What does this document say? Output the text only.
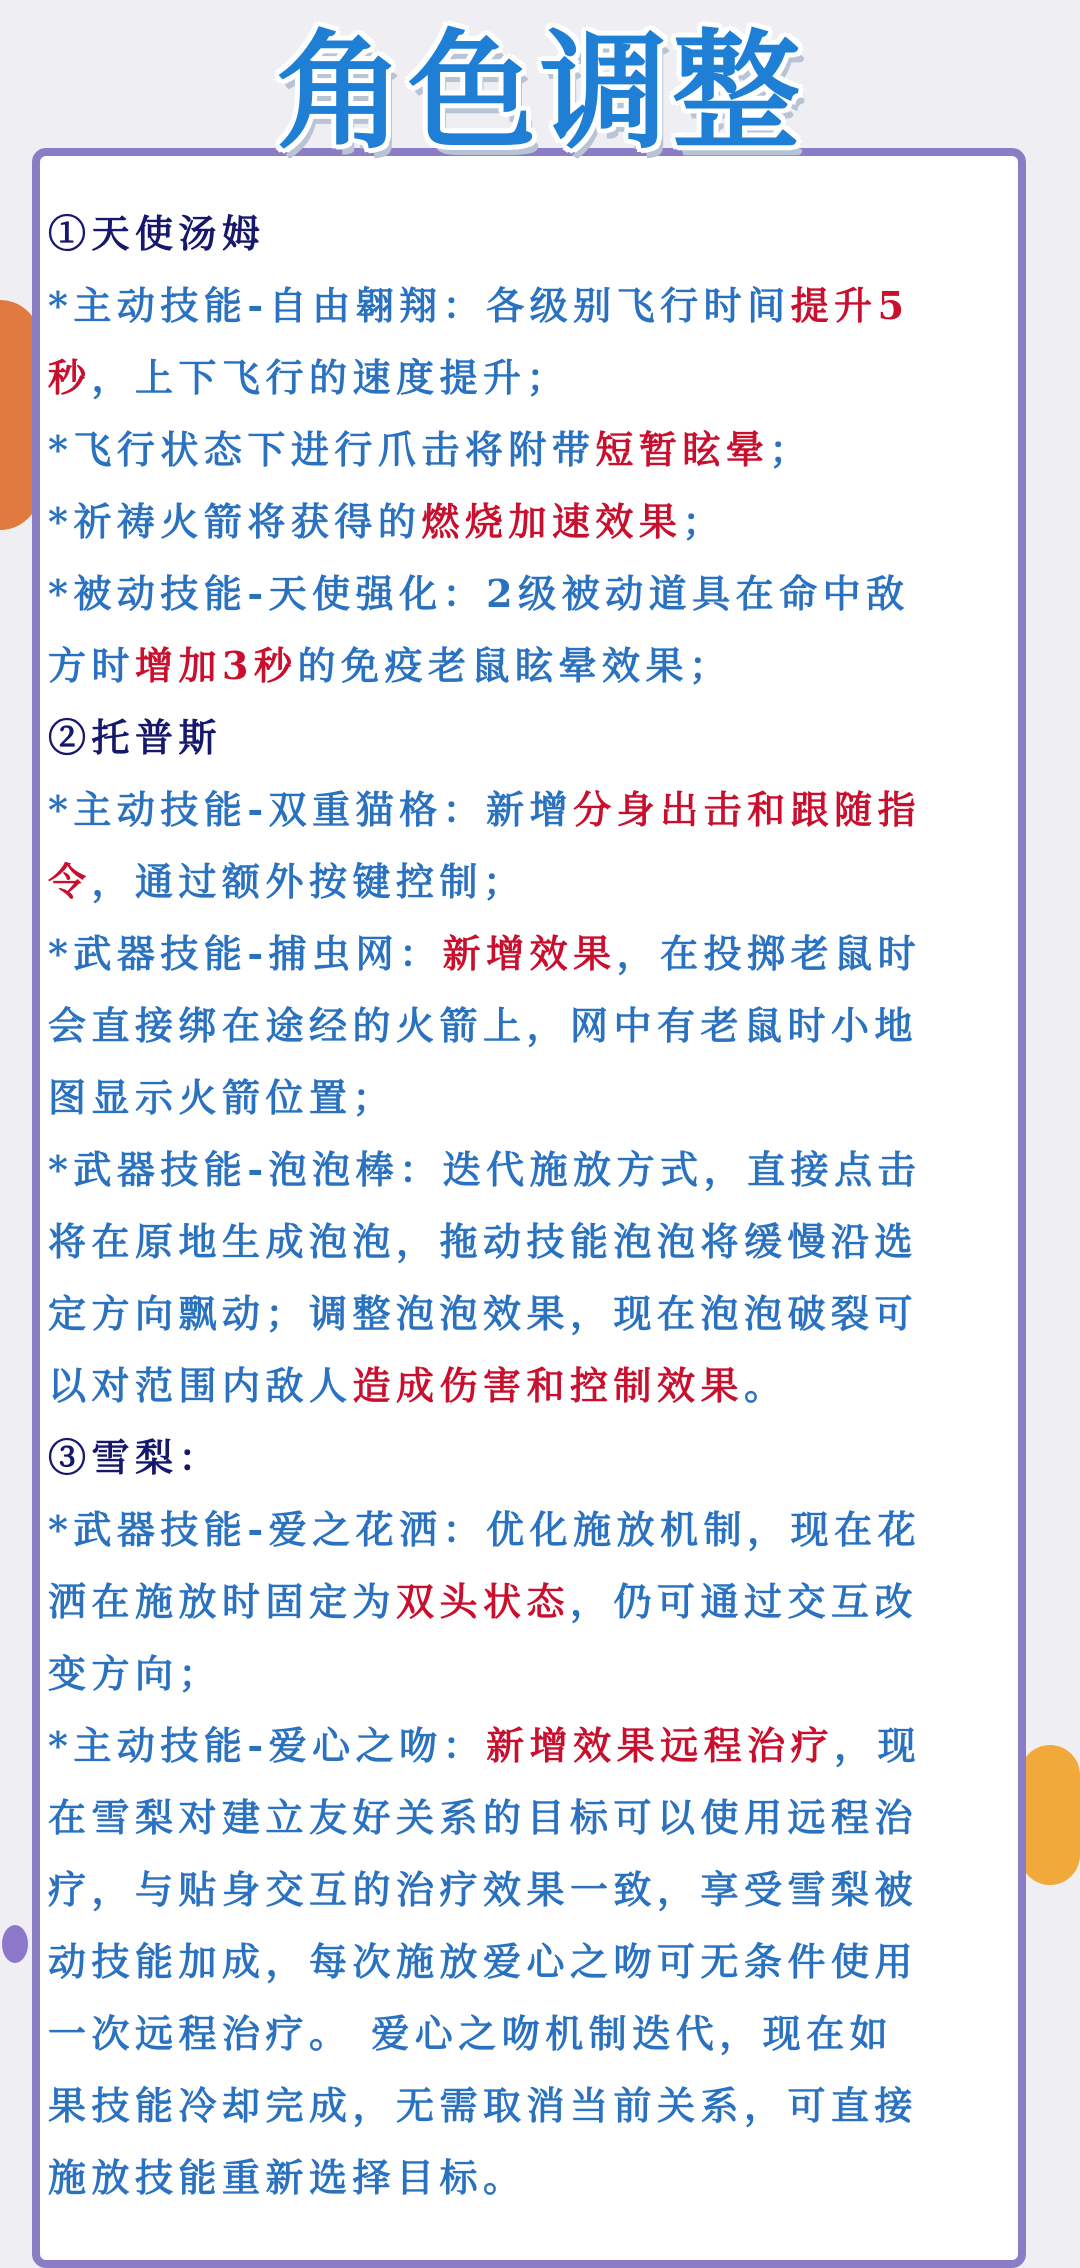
角色调整
①天使汤姆
*主动技能-自由翱翔：各级别飞行时间提升5
秒，上下飞行的速度提升；
*飞行状态下进行爪击将附带短暂眩晕；
*祈祷火箭将获得的燃烧加速效果；
*被动技能-天使强化：2级被动道具在命中敌
方时增加3秒的免疫老鼠眩晕效果；
②托普斯
*主动技能-双重猫格：新增分身出击和跟随指
令，通过额外按键控制；
*武器技能-捕虫网：新增效果，在投掷老鼠时
会直接绑在途经的火箭上，网中有老鼠时小地
图显示火箭位置；
*武器技能-泡泡棒：迭代施放方式，直接点击
将在原地生成泡泡，拖动技能泡泡将缓慢沿选
定方向飘动；调整泡泡效果，现在泡泡破裂可
以对范围内敌人造成伤害和控制效果。
③雪梨：
*武器技能-爱之花洒：优化施放机制，现在花
洒在施放时固定为双头状态，仍可通过交互改
变方向；
*主动技能-爱心之吻：新增效果远程治疗，现
在雪梨对建立友好关系的目标可以使用远程治
疗，与贴身交互的治疗效果一致，享受雪梨被
动技能加成，每次施放爱心之吻可无条件使用
一次远程治疗。 爱心之吻机制迭代，现在如
果技能冷却完成，无需取消当前关系，可直接
施放技能重新选择目标。
